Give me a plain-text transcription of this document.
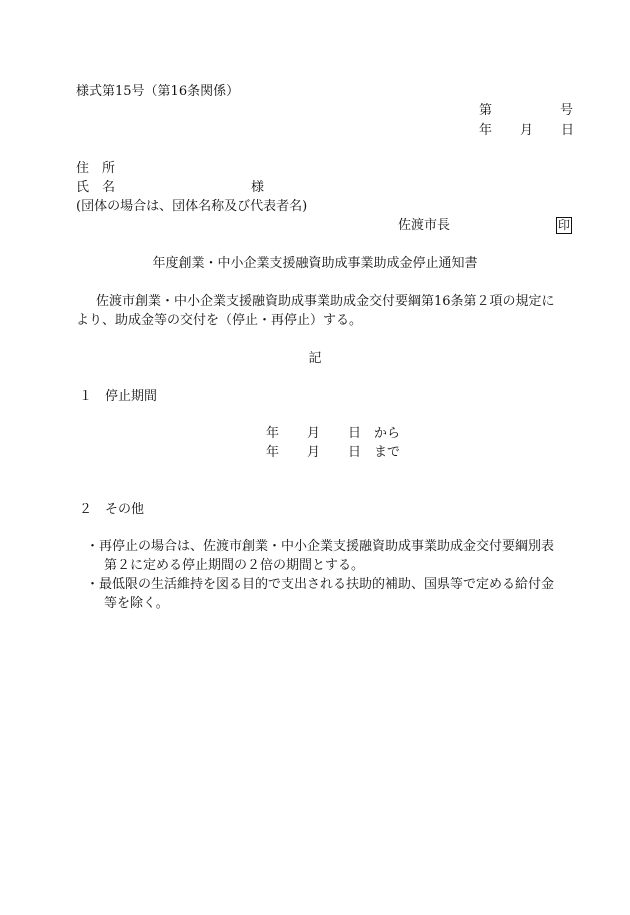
様式第15号（第16条関係）
第	号
年 月 日
住　所
氏　名	様
(団体の場合は、団体名称及び代表者名)
佐渡市長	印
年度創業・中小企業支援融資助成事業助成金停止通知書
佐渡市創業・中小企業支援融資助成事業助成金交付要綱第16条第２項の規定に
より、助成金等の交付を（停止・再停止）する。
記
１　停止期間
年 月 日 から
年 月 日 まで
２　その他
・再停止の場合は、佐渡市創業・中小企業支援融資助成事業助成金交付要綱別表
第２に定める停止期間の２倍の期間とする。
・最低限の生活維持を図る目的で支出される扶助的補助、国県等で定める給付金
等を除く。
